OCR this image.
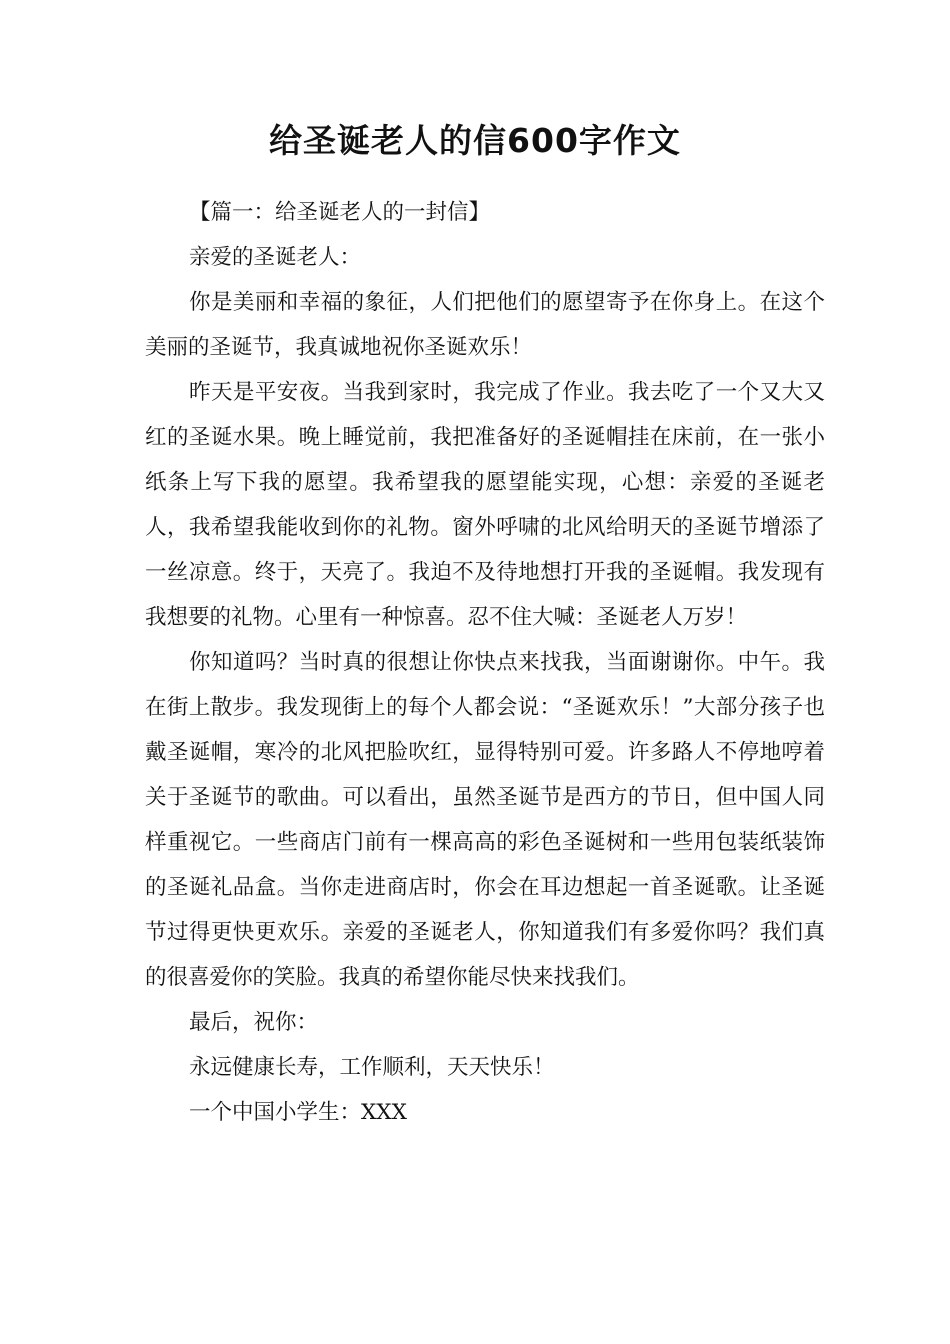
给圣诞老人的信600字作文

【篇一：给圣诞老人的一封信】

亲爱的圣诞老人：

你是美丽和幸福的象征，人们把他们的愿望寄予在你身上。在这个美丽的圣诞节，我真诚地祝你圣诞欢乐！

昨天是平安夜。当我到家时，我完成了作业。我去吃了一个又大又红的圣诞水果。晚上睡觉前，我把准备好的圣诞帽挂在床前，在一张小纸条上写下我的愿望。我希望我的愿望能实现，心想：亲爱的圣诞老人，我希望我能收到你的礼物。窗外呼啸的北风给明天的圣诞节增添了一丝凉意。终于，天亮了。我迫不及待地想打开我的圣诞帽。我发现有我想要的礼物。心里有一种惊喜。忍不住大喊：圣诞老人万岁！

你知道吗？当时真的很想让你快点来找我，当面谢谢你。中午。我在街上散步。我发现街上的每个人都会说：“圣诞欢乐！”大部分孩子也戴圣诞帽，寒冷的北风把脸吹红，显得特别可爱。许多路人不停地哼着关于圣诞节的歌曲。可以看出，虽然圣诞节是西方的节日，但中国人同样重视它。一些商店门前有一棵高高的彩色圣诞树和一些用包装纸装饰的圣诞礼品盒。当你走进商店时，你会在耳边想起一首圣诞歌。让圣诞节过得更快更欢乐。亲爱的圣诞老人，你知道我们有多爱你吗？我们真的很喜爱你的笑脸。我真的希望你能尽快来找我们。

最后，祝你：

永远健康长寿，工作顺利，天天快乐！

一个中国小学生：XXX
